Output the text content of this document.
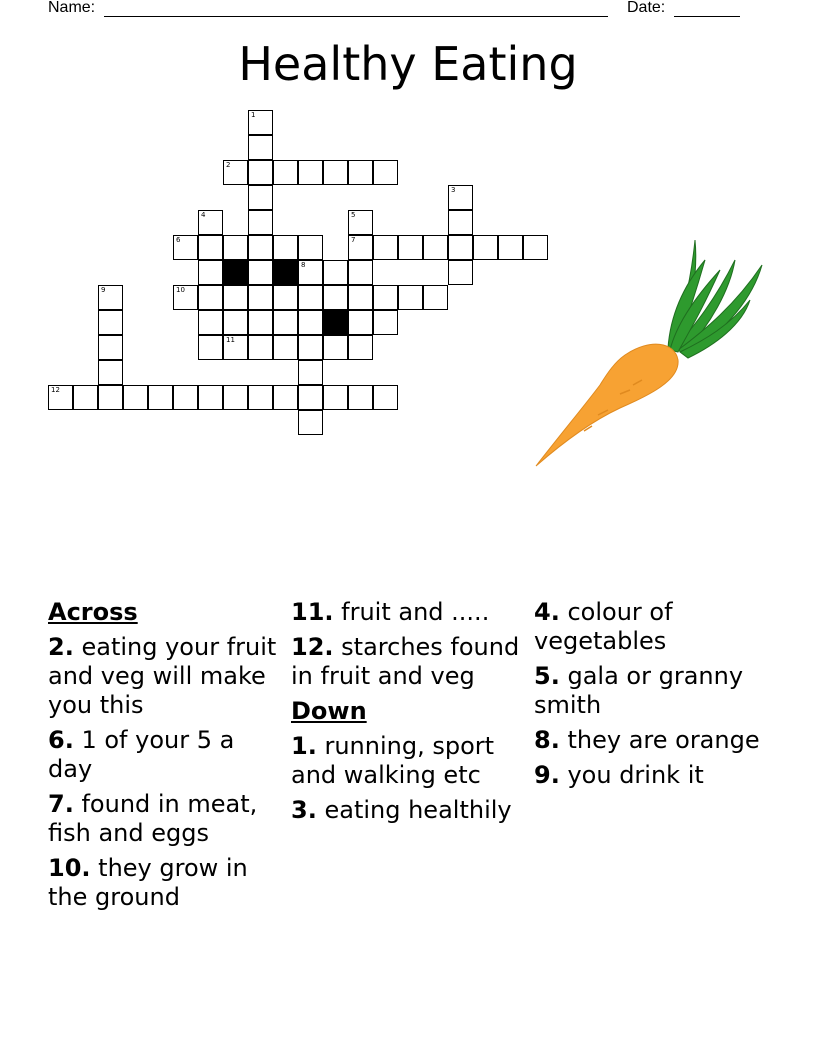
Name:	Date:
Healthy Eating
1
2
3
4	5
7
6
8
9	10
11
12
Across
2. eating your fruit and veg will make you this
6. 1 of your 5 a day
7. found in meat, fish and eggs
10. they grow in the ground
11. fruit and .....
12. starches found in fruit and veg
Down
1. running, sport and walking etc
3. eating healthily
4. colour of vegetables
5. gala or granny smith
8. they are orange
9. you drink it
